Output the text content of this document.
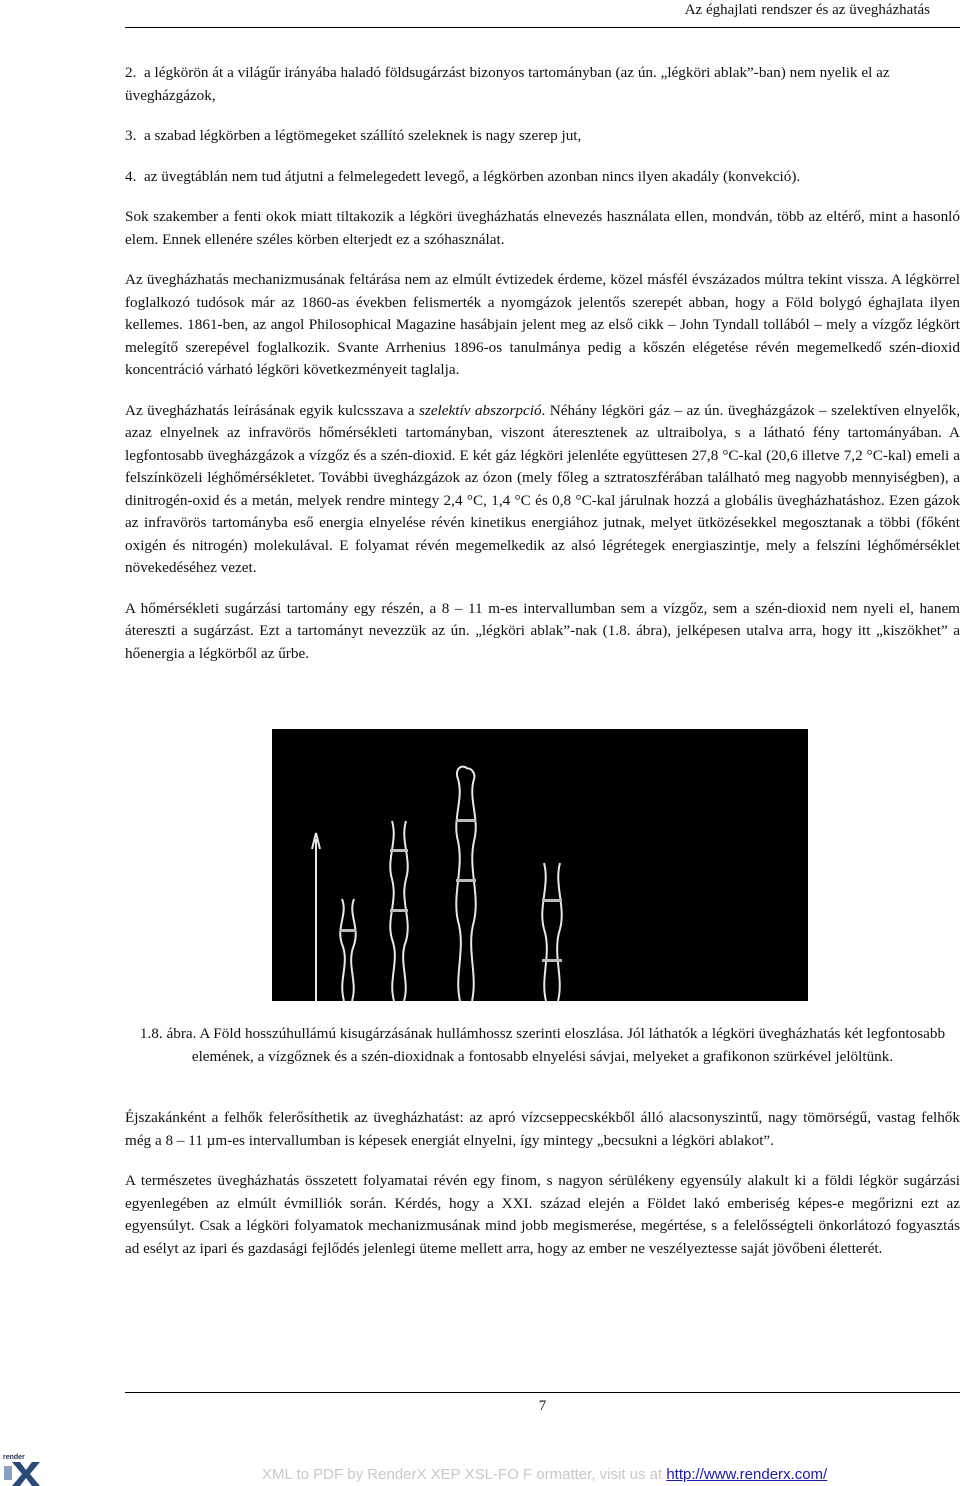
Az éghajlati rendszer és az üvegházhatás
2. a légkörön át a világűr irányába haladó földsugárzást bizonyos tartományban (az ún. „légköri ablak”-ban) nem nyelik el az üvegházgázok,
3. a szabad légkörben a légtömegeket szállító szeleknek is nagy szerep jut,
4. az üvegtáblán nem tud átjutni a felmelegedett levegő, a légkörben azonban nincs ilyen akadály (konvekció).

Sok szakember a fenti okok miatt tiltakozik a légköri üvegházhatás elnevezés használata ellen, mondván, több az eltérő, mint a hasonló elem. Ennek ellenére széles körben elterjedt ez a szóhasználat.

Az üvegházhatás mechanizmusának feltárása nem az elmúlt évtizedek érdeme, közel másfél évszázados múltra tekint vissza. A légkörrel foglalkozó tudósok már az 1860-as években felismerték a nyomgázok jelentős szerepét abban, hogy a Föld bolygó éghajlata ilyen kellemes. 1861-ben, az angol Philosophical Magazine hasábjain jelent meg az első cikk – John Tyndall tollából – mely a vízgőz légkört melegítő szerepével foglalkozik. Svante Arrhenius 1896-os tanulmánya pedig a kőszén elégetése révén megemelkedő szén-dioxid koncentráció várható légköri következményeit taglalja.

Az üvegházhatás leírásának egyik kulcsszava a szelektív abszorpció. Néhány légköri gáz – az ún. üvegházgázok – szelektíven elnyelők, azaz elnyelnek az infravörös hőmérsékleti tartományban, viszont áteresztenek az ultraibolya, s a látható fény tartományában. A legfontosabb üvegházgázok a vízgőz és a szén-dioxid. E két gáz légköri jelenléte együttesen 27,8 °C-kal (20,6 illetve 7,2 °C-kal) emeli a felszínközeli léghőmérsékletet. További üvegházgázok az ózon (mely főleg a sztratoszférában található meg nagyobb mennyiségben), a dinitrogén-oxid és a metán, melyek rendre mintegy 2,4 °C, 1,4 °C és 0,8 °C-kal járulnak hozzá a globális üvegházhatáshoz. Ezen gázok az infravörös tartományba eső energia elnyelése révén kinetikus energiához jutnak, melyet ütközésekkel megosztanak a többi (főként oxigén és nitrogén) molekulával. E folyamat révén megemelkedik az alsó légrétegek energiaszintje, mely a felszíni léghőmérséklet növekedéséhez vezet.

A hőmérsékleti sugárzási tartomány egy részén, a 8 – 11 m-es intervallumban sem a vízgőz, sem a szén-dioxid nem nyeli el, hanem átereszti a sugárzást. Ezt a tartományt nevezzük az ún. „légköri ablak”-nak (1.8. ábra), jelképesen utalva arra, hogy itt „kiszökhet” a hőenergia a légkörből az űrbe.

1.8. ábra. A Föld hosszúhullámú kisugárzásának hullámhossz szerinti eloszlása. Jól láthatók a légköri üvegházhatás két legfontosabb elemének, a vízgőznek és a szén-dioxidnak a fontosabb elnyelési sávjai, melyeket a grafikonon szürkével jelöltünk.

Éjszakánként a felhők felerősíthetik az üvegházhatást: az apró vízcseppecskékből álló alacsonyszintű, nagy tömörségű, vastag felhők még a 8 – 11 µm-es intervallumban is képesek energiát elnyelni, így mintegy „becsukni a légköri ablakot”.

A természetes üvegházhatás összetett folyamatai révén egy finom, s nagyon sérülékeny egyensúly alakult ki a földi légkör sugárzási egyenlegében az elmúlt évmilliók során. Kérdés, hogy a XXI. század elején a Földet lakó emberiség képes-e megőrizni ezt az egyensúlyt. Csak a légköri folyamatok mechanizmusának mind jobb megismerése, megértése, s a felelősségteli önkorlátozó fogyasztás ad esélyt az ipari és gazdasági fejlődés jelenlegi üteme mellett arra, hogy az ember ne veszélyeztesse saját jövőbeni életterét.

7
render
XML to PDF by RenderX XEP XSL-FO F ormatter, visit us at http://www.renderx.com/
